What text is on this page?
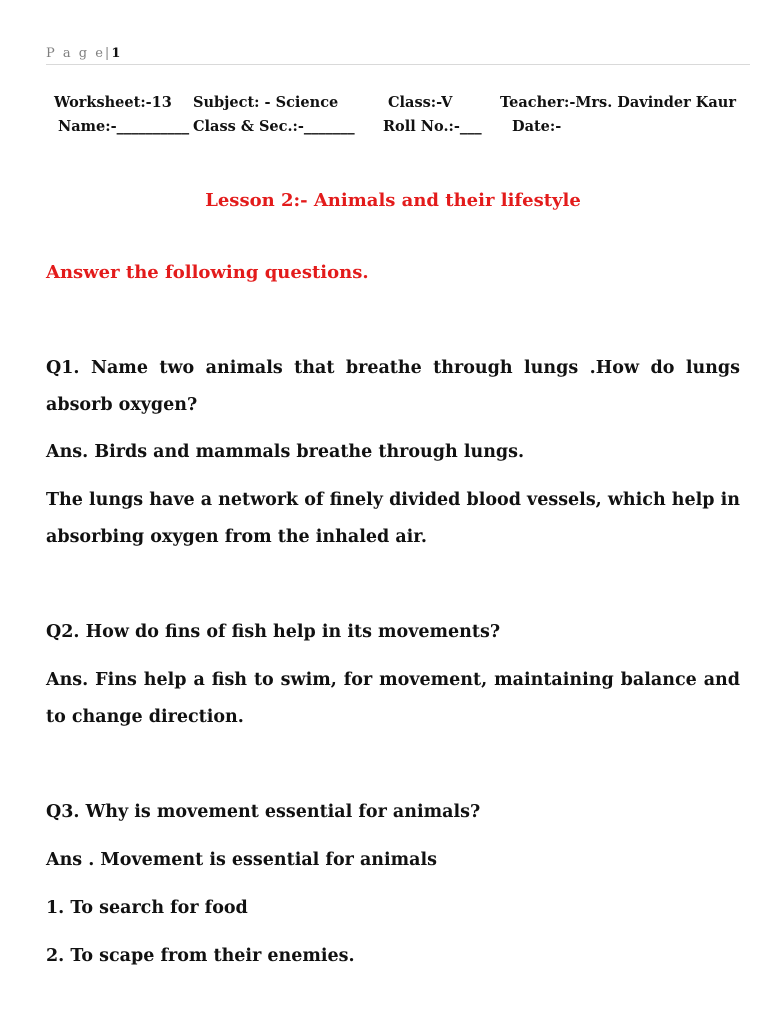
P a g e|1
Worksheet:-13 Subject: - Science	Class:-V	Teacher:-Mrs. Davinder Kaur
Name:-__________ Class & Sec.:-_______ Roll No.:-___ Date:-
Lesson 2:- Animals and their lifestyle
Answer the following questions.
Q1. Name two animals that breathe through lungs .How do lungs absorb oxygen?
Ans. Birds and mammals breathe through lungs.
The lungs have a network of finely divided blood vessels, which help in absorbing oxygen from the inhaled air.
Q2. How do fins of fish help in its movements?
Ans. Fins help a fish to swim, for movement, maintaining balance and to change direction.
Q3. Why is movement essential for animals?
Ans . Movement is essential for animals
1. To search for food
2. To scape from their enemies.
